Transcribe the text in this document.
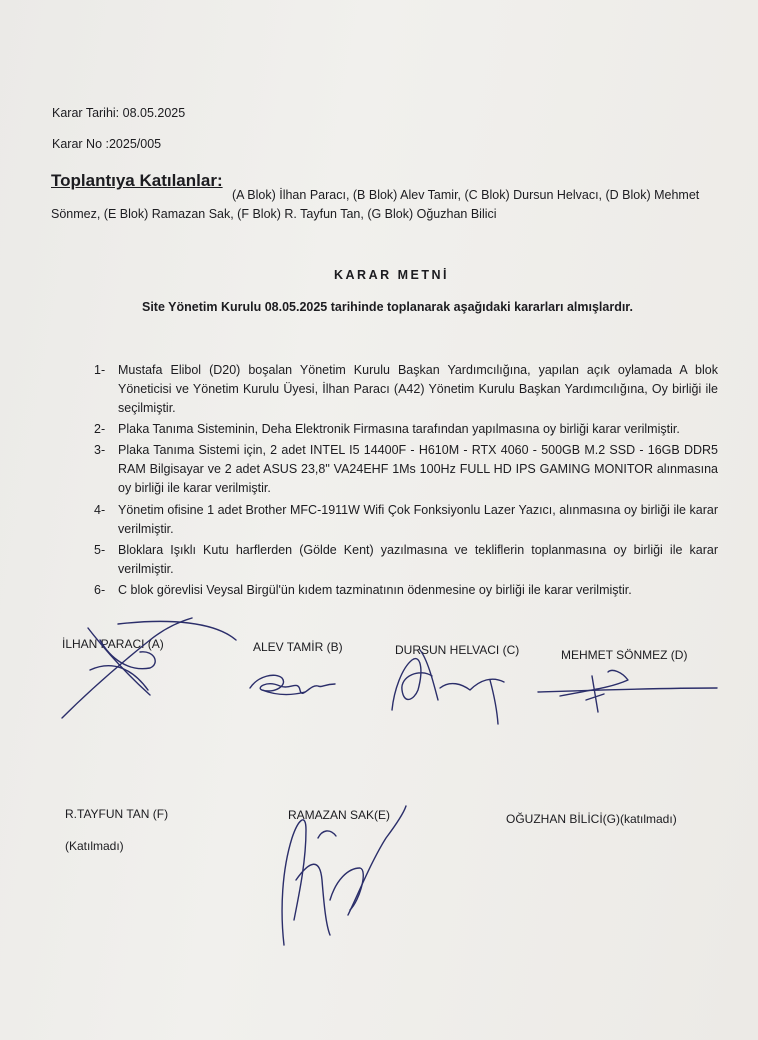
Karar Tarihi: 08.05.2025
Karar No :2025/005
Toplantıya Katılanlar:
(A Blok) İlhan Paracı, (B Blok) Alev Tamir, (C Blok) Dursun Helvacı, (D Blok) Mehmet
Sönmez, (E Blok) Ramazan Sak, (F Blok) R. Tayfun Tan, (G Blok) Oğuzhan Bilici
KARAR METNİ
Site Yönetim Kurulu 08.05.2025 tarihinde toplanarak aşağıdaki kararları almışlardır.
1- Mustafa Elibol (D20) boşalan Yönetim Kurulu Başkan Yardımcılığına, yapılan açık oylamada A blok Yöneticisi ve Yönetim Kurulu Üyesi, İlhan Paracı (A42) Yönetim Kurulu Başkan Yardımcılığına, Oy birliği ile seçilmiştir.
2- Plaka Tanıma Sisteminin, Deha Elektronik Firmasına tarafından yapılmasına oy birliği karar verilmiştir.
3- Plaka Tanıma Sistemi için, 2 adet INTEL I5 14400F - H610M - RTX 4060 - 500GB M.2 SSD - 16GB DDR5 RAM Bilgisayar ve 2 adet ASUS 23,8" VA24EHF 1Ms 100Hz FULL HD IPS GAMING MONITOR alınmasına oy birliği ile karar verilmiştir.
4- Yönetim ofisine 1 adet Brother MFC-1911W Wifi Çok Fonksiyonlu Lazer Yazıcı, alınmasına oy birliği ile karar verilmiştir.
5- Bloklara Işıklı Kutu harflerden (Gölde Kent) yazılmasına ve tekliflerin toplanmasına oy birliği ile karar verilmiştir.
6- C blok görevlisi Veysal Birgül'ün kıdem tazminatının ödenmesine oy birliği ile karar verilmiştir.
İLHAN PARACI (A)	ALEV TAMİR (B)	DURSUN HELVACI (C)	MEHMET SÖNMEZ (D)
R.TAYFUN TAN (F)
(Katılmadı)
RAMAZAN SAK(E)	OĞUZHAN BİLİCİ(G)(katılmadı)
